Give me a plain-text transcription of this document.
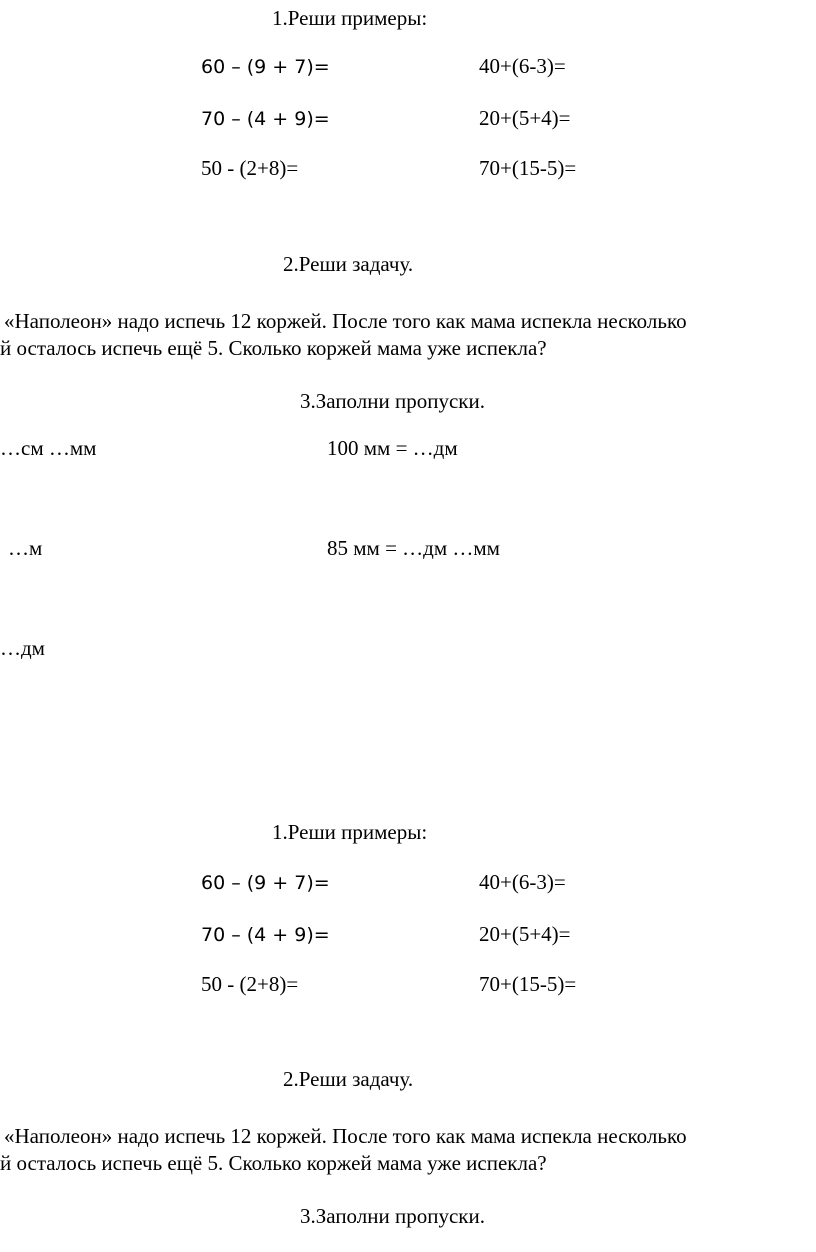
1.Реши примеры:
60 – (9 + 7)=	40+(6-3)=
70 – (4 + 9)=	20+(5+4)=
50 - (2+8)=	70+(15-5)=
2.Реши задачу.
«Наполеон» надо испечь 12 коржей. После того как мама испекла несколько
й осталось испечь ещё 5. Сколько коржей мама уже испекла?
3.Заполни пропуски.
…см …мм	100 мм = …дм
…м	85 мм = …дм …мм
…дм
1.Реши примеры:
60 – (9 + 7)=	40+(6-3)=
70 – (4 + 9)=	20+(5+4)=
50 - (2+8)=	70+(15-5)=
2.Реши задачу.
«Наполеон» надо испечь 12 коржей. После того как мама испекла несколько
й осталось испечь ещё 5. Сколько коржей мама уже испекла?
3.Заполни пропуски.
